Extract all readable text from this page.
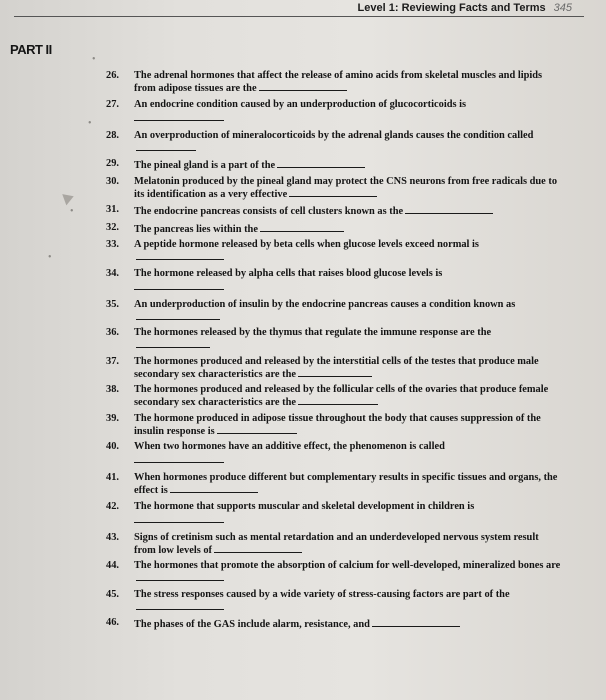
Level 1: Reviewing Facts and Terms 345
PART II
•
•
•
•
26. The adrenal hormones that affect the release of amino acids from skeletal muscles and lipids from adipose tissues are the
27. An endocrine condition caused by an underproduction of glucocorticoids is
28. An overproduction of mineralocorticoids by the adrenal glands causes the condition called
29. The pineal gland is a part of the
30. Melatonin produced by the pineal gland may protect the CNS neurons from free radicals due to its identification as a very effective
31. The endocrine pancreas consists of cell clusters known as the
32. The pancreas lies within the
33. A peptide hormone released by beta cells when glucose levels exceed normal is
34. The hormone released by alpha cells that raises blood glucose levels is
35. An underproduction of insulin by the endocrine pancreas causes a condition known as
36. The hormones released by the thymus that regulate the immune response are the
37. The hormones produced and released by the interstitial cells of the testes that produce male secondary sex characteristics are the
38. The hormones produced and released by the follicular cells of the ovaries that produce female secondary sex characteristics are the
39. The hormone produced in adipose tissue throughout the body that causes suppression of the insulin response is
40. When two hormones have an additive effect, the phenomenon is called
41. When hormones produce different but complementary results in specific tissues and organs, the effect is
42. The hormone that supports muscular and skeletal development in children is
43. Signs of cretinism such as mental retardation and an underdeveloped nervous system result from low levels of
44. The hormones that promote the absorption of calcium for well-developed, mineralized bones are
45. The stress responses caused by a wide variety of stress-causing factors are part of the
46. The phases of the GAS include alarm, resistance, and
